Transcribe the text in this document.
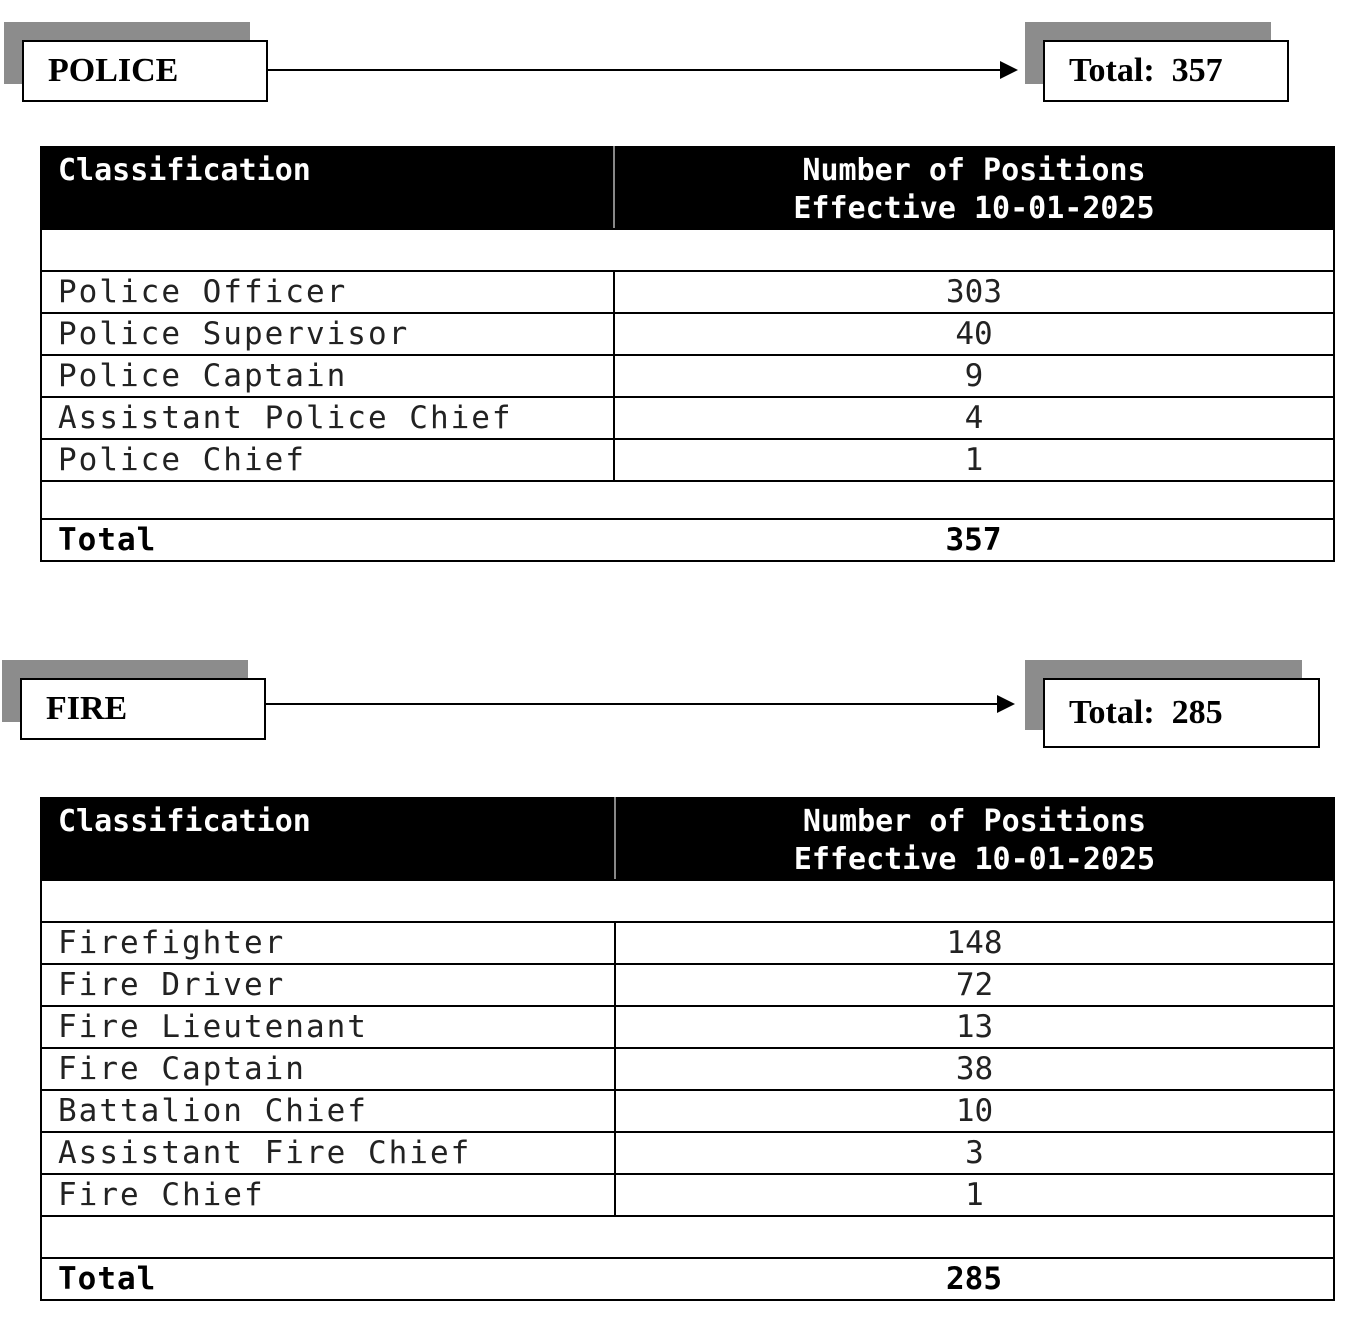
POLICE	Total:  357
Classification	Number of Positions
Effective 10-01-2025

Police Officer	303
Police Supervisor	40
Police Captain	9
Assistant Police Chief	4
Police Chief	1

Total	357
FIRE	Total:  285
Classification	Number of Positions
Effective 10-01-2025

Firefighter	148
Fire Driver	72
Fire Lieutenant	13
Fire Captain	38
Battalion Chief	10
Assistant Fire Chief	3
Fire Chief	1

Total	285
